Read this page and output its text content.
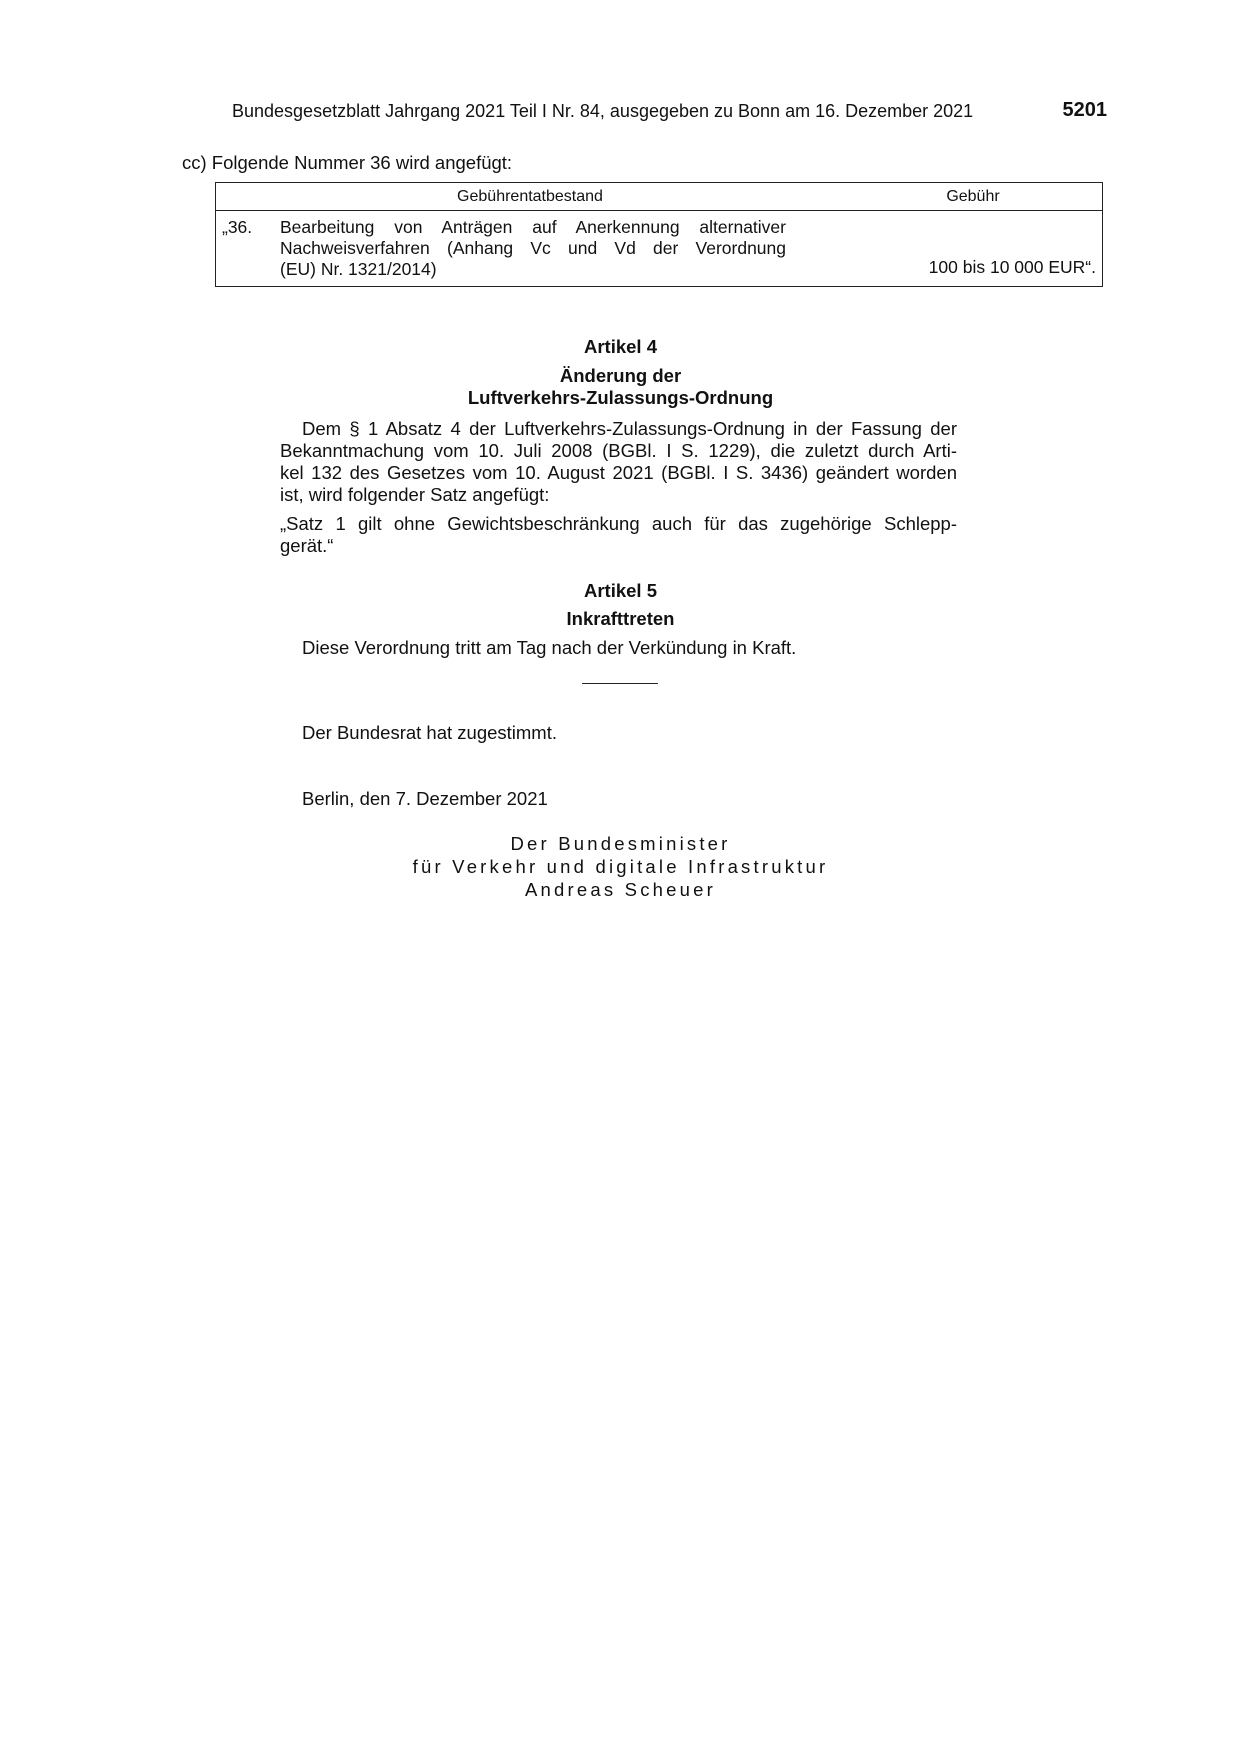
Bundesgesetzblatt Jahrgang 2021 Teil I Nr. 84, ausgegeben zu Bonn am 16. Dezember 2021	5201
cc) Folgende Nummer 36 wird angefügt:
Gebührentatbestand	Gebühr

„36. Bearbeitung von Anträgen auf Anerkennung alternativer
Nachweisverfahren (Anhang Vc und Vd der Verordnung
(EU) Nr. 1321/2014)	100 bis 10 000 EUR“.
Artikel 4
Änderung der
Luftverkehrs-Zulassungs-Ordnung
Dem § 1 Absatz 4 der Luftverkehrs-Zulassungs-Ordnung in der Fassung der
Bekanntmachung vom 10. Juli 2008 (BGBl. I S. 1229), die zuletzt durch Arti-
kel 132 des Gesetzes vom 10. August 2021 (BGBl. I S. 3436) geändert worden
ist, wird folgender Satz angefügt:
„Satz 1 gilt ohne Gewichtsbeschränkung auch für das zugehörige Schlepp-
gerät.“
Artikel 5
Inkrafttreten
Diese Verordnung tritt am Tag nach der Verkündung in Kraft.
Der Bundesrat hat zugestimmt.
Berlin, den 7. Dezember 2021
Der Bundesminister
für Verkehr und digitale Infrastruktur
Andreas Scheuer
